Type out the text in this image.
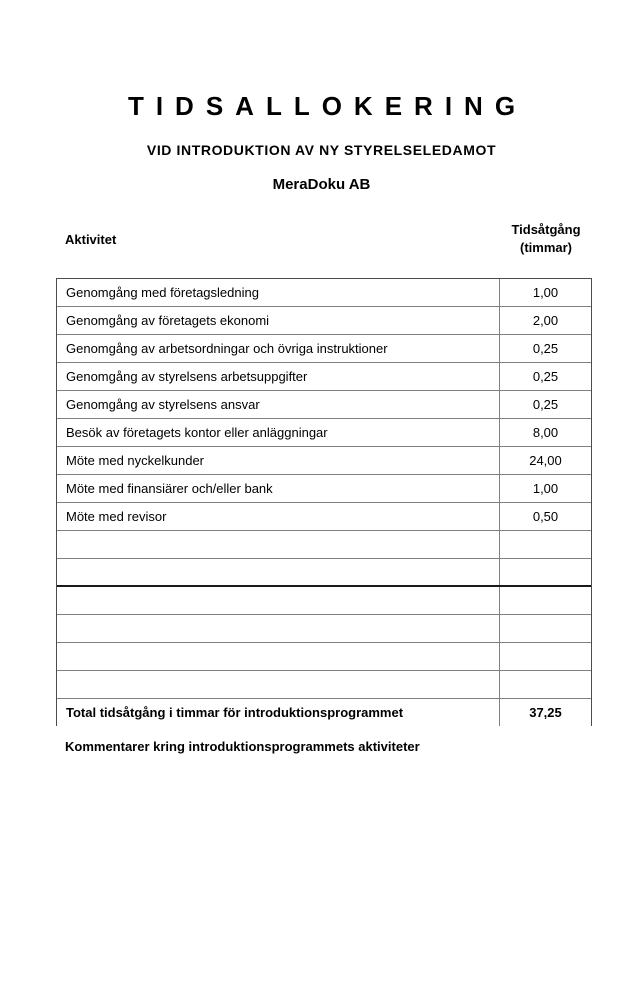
TIDSALLOKERING
VID INTRODUKTION AV NY STYRELSELEDAMOT
MeraDoku AB
Aktivitet
Tidsåtgång
(timmar)
Genomgång med företagsledning	1,00
Genomgång av företagets ekonomi	2,00
Genomgång av arbetsordningar och övriga instruktioner	0,25
Genomgång av styrelsens arbetsuppgifter	0,25
Genomgång av styrelsens ansvar	0,25
Besök av företagets kontor eller anläggningar	8,00
Möte med nyckelkunder	24,00
Möte med finansiärer och/eller bank	1,00
Möte med revisor	0,50
Total tidsåtgång i timmar för introduktionsprogrammet	37,25
Kommentarer kring introduktionsprogrammets aktiviteter
